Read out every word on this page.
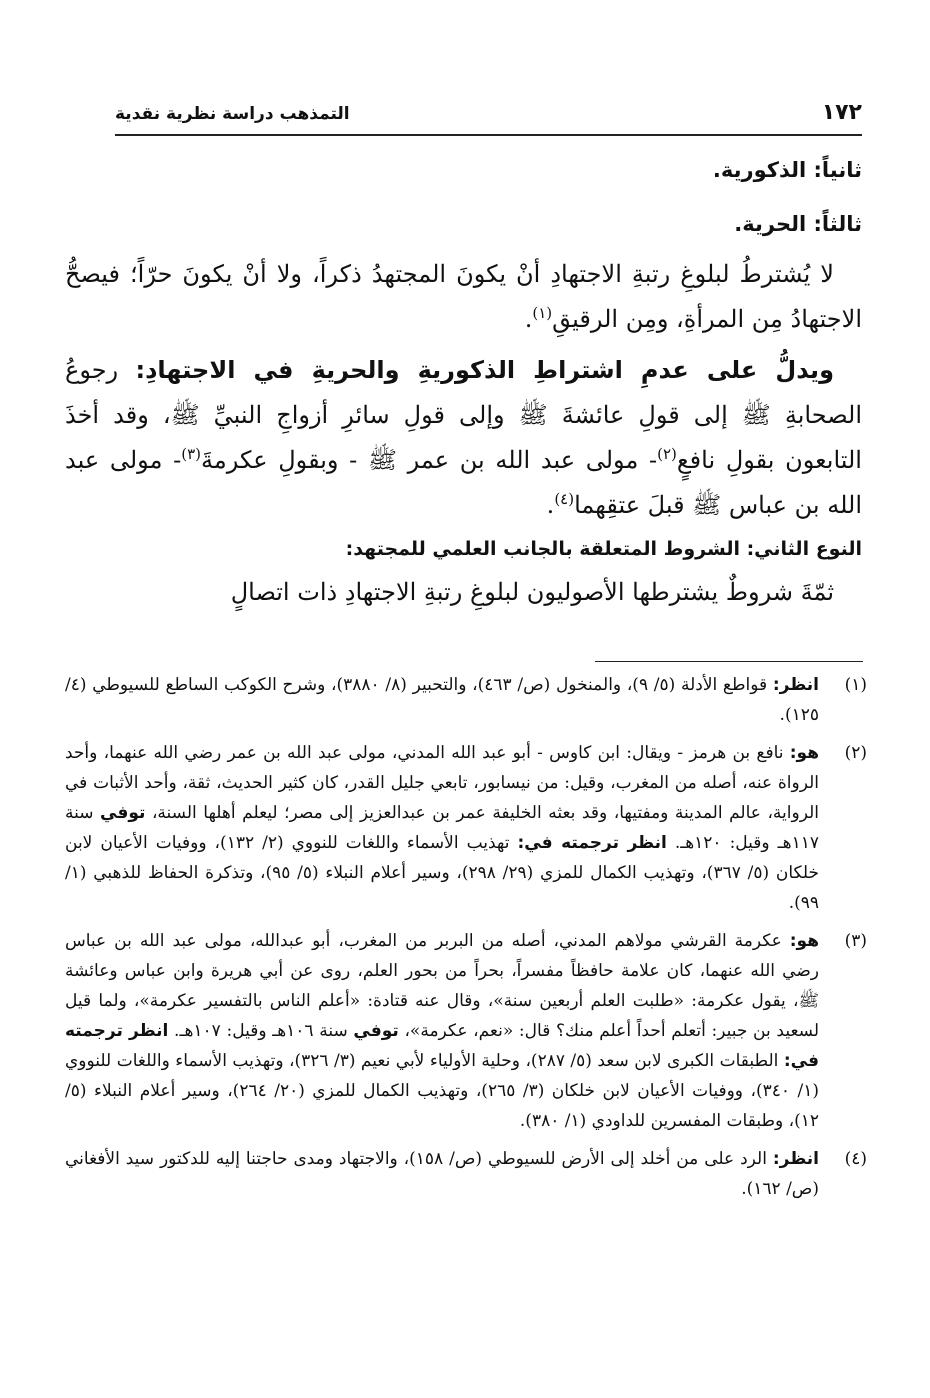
١٧٢
التمذهب دراسة نظرية نقدية

ثانياً: الذكورية.

ثالثاً: الحرية.

لا يُشترطُ لبلوغِ رتبةِ الاجتهادِ أنْ يكونَ المجتهدُ ذكراً، ولا أنْ يكونَ حرّاً؛ فيصحُّ الاجتهادُ مِن المرأةِ، ومِن الرقيقِ$^{(١)}$.

ويدلُّ على عدمِ اشتراطِ الذكوريةِ والحريةِ في الاجتهادِ: رجوعُ الصحابةِ ﷺ إلى قولِ عائشةَ ﷺ وإلى قولِ سائرِ أزواجِ النبيِّ ﷺ، وقد أخذَ التابعون بقولِ نافعٍ$^{(٢)}$- مولى عبد الله بن عمر ﷺ - وبقولِ عكرمةَ$^{(٣)}$- مولى عبد الله بن عباس ﷺ قبلَ عتقِهما$^{(٤)}$.

النوع الثاني: الشروط المتعلقة بالجانب العلمي للمجتهد:

ثمّةَ شروطٌ يشترطها الأصوليون لبلوغِ رتبةِ الاجتهادِ ذات اتصالٍ

(١)
انظر: قواطع الأدلة (٥/ ٩)، والمنخول (ص/ ٤٦٣)، والتحبير (٨/ ٣٨٨٠)، وشرح الكوكب الساطع للسيوطي (٤/ ١٢٥).

(٢)
هو: نافع بن هرمز - ويقال: ابن كاوس - أبو عبد الله المدني، مولى عبد الله بن عمر رضي الله عنهما، وأحد الرواة عنه، أصله من المغرب، وقيل: من نيسابور، تابعي جليل القدر، كان كثير الحديث، ثقة، وأحد الأثبات في الرواية، عالم المدينة ومفتيها، وقد بعثه الخليفة عمر بن عبدالعزيز إلى مصر؛ ليعلم أهلها السنة، توفي سنة ١١٧هـ وقيل: ١٢٠هـ. انظر ترجمته في: تهذيب الأسماء واللغات للنووي (٢/ ١٣٢)، ووفيات الأعيان لابن خلكان (٥/ ٣٦٧)، وتهذيب الكمال للمزي (٢٩/ ٢٩٨)، وسير أعلام النبلاء (٥/ ٩٥)، وتذكرة الحفاظ للذهبي (١/ ٩٩).

(٣)
هو: عكرمة القرشي مولاهم المدني، أصله من البربر من المغرب، أبو عبدالله، مولى عبد الله بن عباس رضي الله عنهما، كان علامة حافظاً مفسراً، بحراً من بحور العلم، روى عن أبي هريرة وابن عباس وعائشة ﷺ، يقول عكرمة: «طلبت العلم أربعين سنة»، وقال عنه قتادة: «أعلم الناس بالتفسير عكرمة»، ولما قيل لسعيد بن جبير: أتعلم أحداً أعلم منك؟ قال: «نعم، عكرمة»، توفي سنة ١٠٦هـ وقيل: ١٠٧هـ. انظر ترجمته في: الطبقات الكبرى لابن سعد (٥/ ٢٨٧)، وحلية الأولياء لأبي نعيم (٣/ ٣٢٦)، وتهذيب الأسماء واللغات للنووي (١/ ٣٤٠)، ووفيات الأعيان لابن خلكان (٣/ ٢٦٥)، وتهذيب الكمال للمزي (٢٠/ ٢٦٤)، وسير أعلام النبلاء (٥/ ١٢)، وطبقات المفسرين للداودي (١/ ٣٨٠).

(٤)
انظر: الرد على من أخلد إلى الأرض للسيوطي (ص/ ١٥٨)، والاجتهاد ومدى حاجتنا إليه للدكتور سيد الأفغاني (ص/ ١٦٢).
